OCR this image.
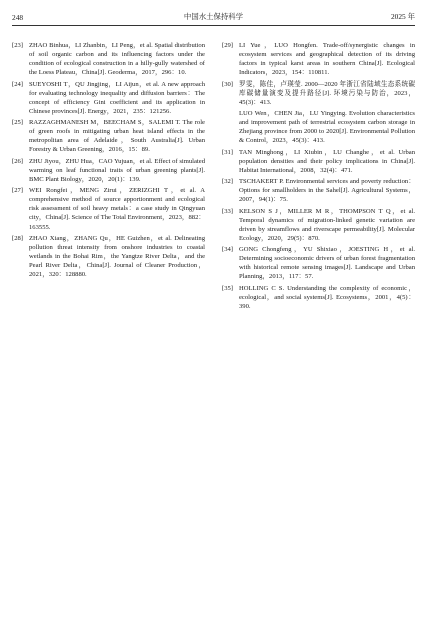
248	中国水土保持科学	2025 年
[23] ZHAO Binhua，LI Zhanbin，LI Peng，et al. Spatial distribution of soil organic carbon and its influencing factors under the condition of ecological construction in a hilly-gully watershed of the Loess Plateau，China[J]. Geoderma，2017，296：10.
[24] SUEYOSHI T，QU Jingjing，LI Aijun，et al. A new approach for evaluating technology inequality and diffusion barriers：The concept of efficiency Gini coefficient and its application in Chinese provinces[J]. Energy，2021，235：121256.
[25] RAZZAGHMANESH M，BEECHAM S，SALEMI T. The role of green roofs in mitigating urban heat island effects in the metropolitan area of Adelaide，South Australia[J]. Urban Forestry & Urban Greening，2016，15：89.
[26] ZHU Jiyou，ZHU Hua，CAO Yujuan，et al. Effect of simulated warming on leaf functional traits of urban greening plants[J]. BMC Plant Biology，2020，20(1)：139.
[27] WEI Rongfei，MENG Zirui，ZERIZGHI T，et al. A comprehensive method of source apportionment and ecological risk assessment of soil heavy metals：a case study in Qingyuan city，China[J]. Science of The Total Environment，2023，882：163555.
[28] ZHAO Xiang，ZHANG Qu，HE Guizhen，et al. Delineating pollution threat intensity from onshore industries to coastal wetlands in the Bohai Rim，the Yangtze River Delta，and the Pearl River Delta，China[J]. Journal of Cleaner Production，2021，320：128880.
[29] LI Yue，LUO Hongfen. Trade-off/synergistic changes in ecosystem services and geographical detection of its driving factors in typical karst areas in southern China[J]. Ecological Indicators，2023，154：110811.
[30] 罗雯，陈佳，卢瑛莹. 2000—2020 年浙江省陆域生态系统碳库碳储量演变及提升路径[J]. 环境污染与防治，2023，45(3)：413.
LUO Wen，CHEN Jia，LU Yingying. Evolution characteristics and improvement path of terrestrial ecosystem carbon storage in Zhejiang province from 2000 to 2020[J]. Environmental Pollution & Control，2023，45(3)：413.
[31] TAN Minghong，LI Xiubin，LU Changhe，et al. Urban population densities and their policy implications in China[J]. Habitat International，2008，32(4)：471.
[32] TSCHAKERT P. Environmental services and poverty reduction：Options for smallholders in the Sahel[J]. Agricultural Systems，2007，94(1)：75.
[33] KELSON S J，MILLER M R，THOMPSON T Q，et al. Temporal dynamics of migration-linked genetic variation are driven by streamflows and riverscape permeability[J]. Molecular Ecology，2020，29(5)：870.
[34] GONG Chongfeng，YU Shixiao，JOESTING H，et al. Determining socioeconomic drivers of urban forest fragmentation with historical remote sensing images[J]. Landscape and Urban Planning，2013，117：57.
[35] HOLLING C S. Understanding the complexity of economic，ecological，and social systems[J]. Ecosystems，2001，4(5)：390.
